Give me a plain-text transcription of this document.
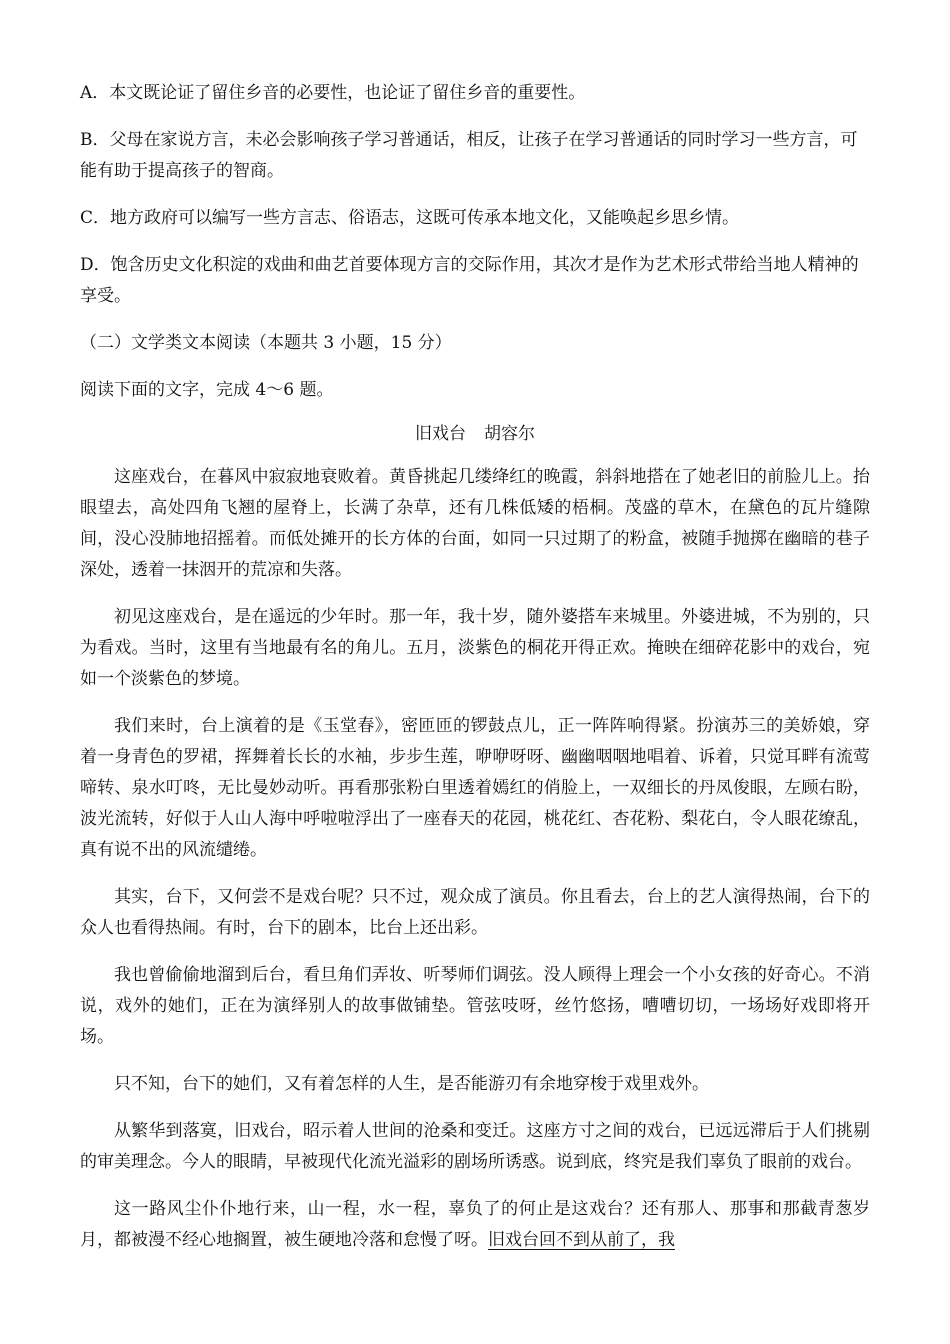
A．本文既论证了留住乡音的必要性，也论证了留住乡音的重要性。

B．父母在家说方言，未必会影响孩子学习普通话，相反，让孩子在学习普通话的同时学习一些方言，可能有助于提高孩子的智商。

C．地方政府可以编写一些方言志、俗语志，这既可传承本地文化，又能唤起乡思乡情。

D．饱含历史文化积淀的戏曲和曲艺首要体现方言的交际作用，其次才是作为艺术形式带给当地人精神的享受。

（二）文学类文本阅读（本题共 3 小题，15 分）

阅读下面的文字，完成 4～6 题。

旧戏台 胡容尔

这座戏台，在暮风中寂寂地衰败着。黄昏挑起几缕绛红的晚霞，斜斜地搭在了她老旧的前脸儿上。抬眼望去，高处四角飞翘的屋脊上，长满了杂草，还有几株低矮的梧桐。茂盛的草木，在黛色的瓦片缝隙间，没心没肺地招摇着。而低处摊开的长方体的台面，如同一只过期了的粉盒，被随手抛掷在幽暗的巷子深处，透着一抹洇开的荒凉和失落。

初见这座戏台，是在遥远的少年时。那一年，我十岁，随外婆搭车来城里。外婆进城，不为别的，只为看戏。当时，这里有当地最有名的角儿。五月，淡紫色的桐花开得正欢。掩映在细碎花影中的戏台，宛如一个淡紫色的梦境。

我们来时，台上演着的是《玉堂春》，密匝匝的锣鼓点儿，正一阵阵响得紧。扮演苏三的美娇娘，穿着一身青色的罗裙，挥舞着长长的水袖，步步生莲，咿咿呀呀、幽幽咽咽地唱着、诉着，只觉耳畔有流莺啼转、泉水叮咚，无比曼妙动听。再看那张粉白里透着嫣红的俏脸上，一双细长的丹凤俊眼，左顾右盼，波光流转，好似于人山人海中呼啦啦浮出了一座春天的花园，桃花红、杏花粉、梨花白，令人眼花缭乱，真有说不出的风流缱绻。

其实，台下，又何尝不是戏台呢？只不过，观众成了演员。你且看去，台上的艺人演得热闹，台下的众人也看得热闹。有时，台下的剧本，比台上还出彩。

我也曾偷偷地溜到后台，看旦角们弄妆、听琴师们调弦。没人顾得上理会一个小女孩的好奇心。不消说，戏外的她们，正在为演绎别人的故事做铺垫。管弦吱呀，丝竹悠扬，嘈嘈切切，一场场好戏即将开场。

只不知，台下的她们，又有着怎样的人生，是否能游刃有余地穿梭于戏里戏外。

从繁华到落寞，旧戏台，昭示着人世间的沧桑和变迁。这座方寸之间的戏台，已远远滞后于人们挑剔的审美理念。今人的眼睛，早被现代化流光溢彩的剧场所诱惑。说到底，终究是我们辜负了眼前的戏台。

这一路风尘仆仆地行来，山一程，水一程，辜负了的何止是这戏台？还有那人、那事和那截青葱岁月，都被漫不经心地搁置，被生硬地冷落和怠慢了呀。旧戏台回不到从前了，我
